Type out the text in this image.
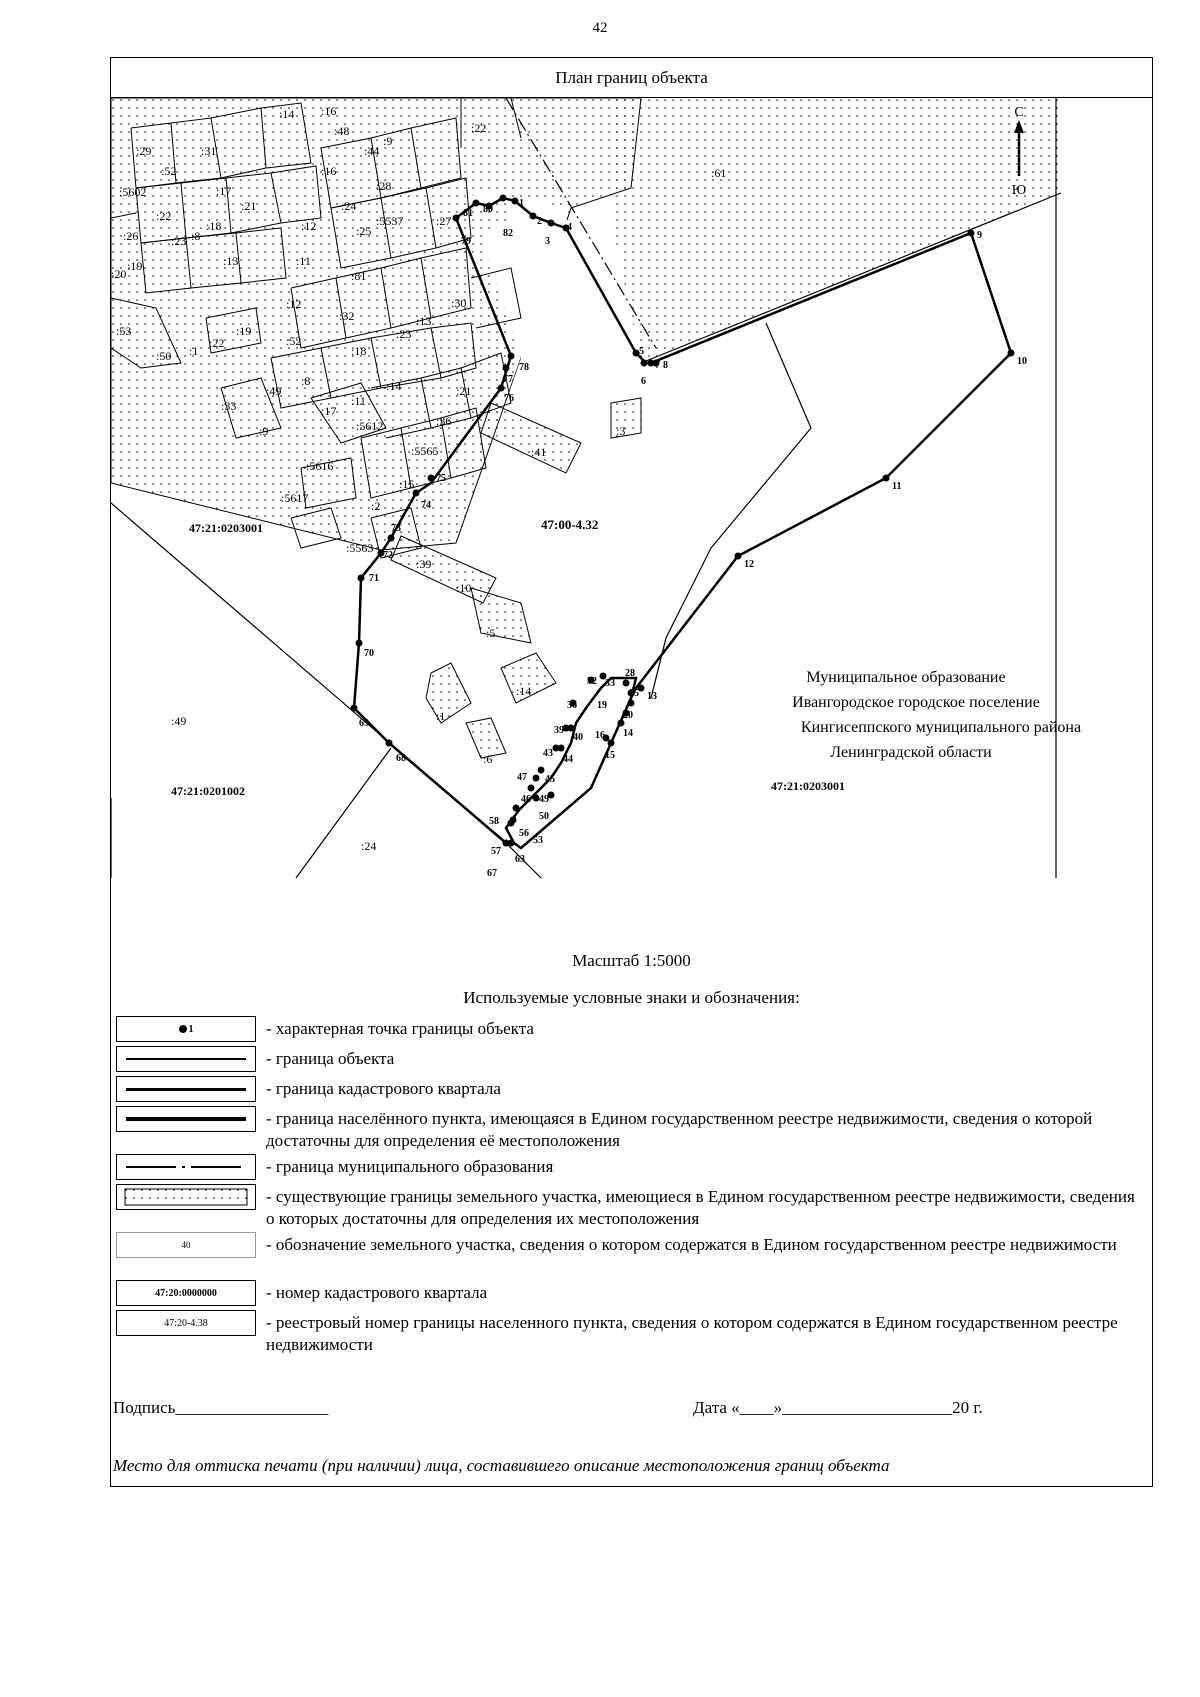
42
План границ объекта
С
Ю
47:21:0203001	47:00-4.32
47:21:0201002	47:21:0203001
Муниципальное образование
Ивангородское городское поселение
Кингисеппского муниципального района
Ленинградской области
:14 :16
:48
:44
:9
:22
:29	:31
:52
:5602	:17
:22
:26	:8
:18
:23
:21
:16
:28
:24
:5537
:12	:25
:27
:61
:19
:20
:13	:11
:81
:12	:30
:32	:13
:53
:50 :1
:22
:19
:52	:23
:18
:49
:8	:14	:21
:33	:17
:11
:9	:5612	:36
:3
:41
:5616
:5565
:15
:5617
:2
:5563
:39
:10
:5
:14
:1
:6
:49
:24
1
2
3
4
5
6
7 8
9
10
11
12
13
14
15
16
19
20
25
28
32 33
36
39
40
43
44
45
46
47
49
50
53
56
57
58
63
67
68
69
70
71
72
73
74
75
76
77
78
79
80
81
82
Масштаб 1:5000
Используемые условные знаки и обозначения:
1	- характерная точка границы объекта
- граница объекта
- граница кадастрового квартала
- граница населённого пункта, имеющаяся в Едином государственном реестре недвижимости, сведения о которой достаточны для определения её местоположения
- граница муниципального образования
- существующие границы земельного участка, имеющиеся в Едином государственном реестре недвижимости, сведения о которых достаточны для определения их местоположения
40	- обозначение земельного участка, сведения о котором содержатся в Едином государственном реестре недвижимости
47:20:0000000	- номер кадастрового квартала
47:20-4.38	- реестровый номер границы населенного пункта, сведения о котором содержатся в Едином государственном реестре недвижимости
Подпись__________________	Дата «____»____________________20 г.
Место для оттиска печати (при наличии) лица, составившего описание местоположения границ объекта
